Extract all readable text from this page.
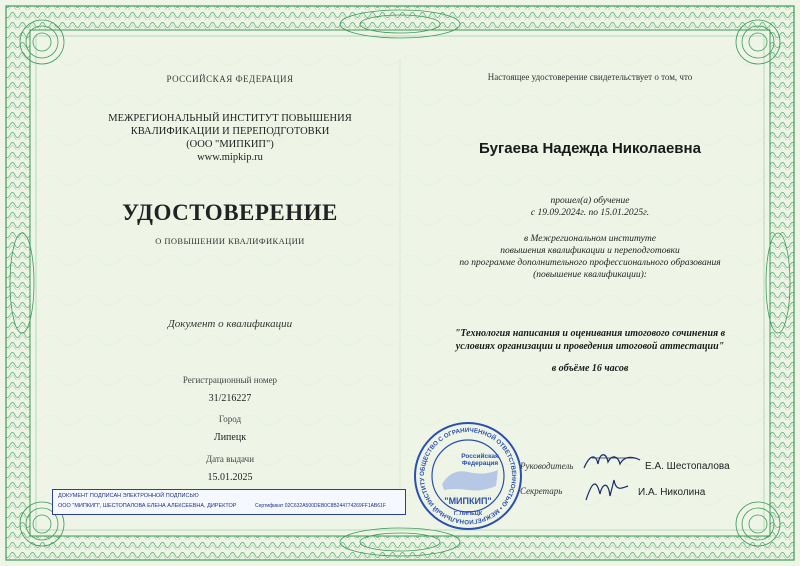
РОССИЙСКАЯ ФЕДЕРАЦИЯ
МЕЖРЕГИОНАЛЬНЫЙ ИНСТИТУТ ПОВЫШЕНИЯ
КВАЛИФИКАЦИИ И ПЕРЕПОДГОТОВКИ
(ООО "МИПКИП")
www.mipkip.ru
УДОСТОВЕРЕНИЕ
О ПОВЫШЕНИИ КВАЛИФИКАЦИИ
Документ о квалификации
Регистрационный номер
31/216227
Город
Липецк
Дата выдачи
15.01.2025
ДОКУМЕНТ ПОДПИСАН ЭЛЕКТРОННОЙ ПОДПИСЬЮ
ООО "МИПКИП", ШЕСТОПАЛОВА ЕЛЕНА АЛЕКСЕЕВНА, ДИРЕКТОР	Сертификат 02C632A500DEB0C8B244774269FF1AB61F
Настоящее удостоверение свидетельствует о том, что
Бугаева Надежда Николаевна
прошел(а) обучение
с 19.09.2024г. по 15.01.2025г.
в Межрегиональном институте
повышения квалификации и переподготовки
по программе дополнительного профессионального образования
(повышение квалификации):
"Технология написания и оценивания итогового сочинения в
условиях организации и проведения итоговой аттестации"
в объёме 16 часов
ОБЩЕСТВО С ОГРАНИЧЕННОЙ ОТВЕТСТВЕННОСТЬЮ • МЕЖРЕГИОНАЛЬНЫЙ ИНСТИТУ
Российская
Федерация
"МИПКИП"
Г. ЛИПЕЦК
Руководитель	Е.А. Шестопалова
Секретарь	И.А. Николина
